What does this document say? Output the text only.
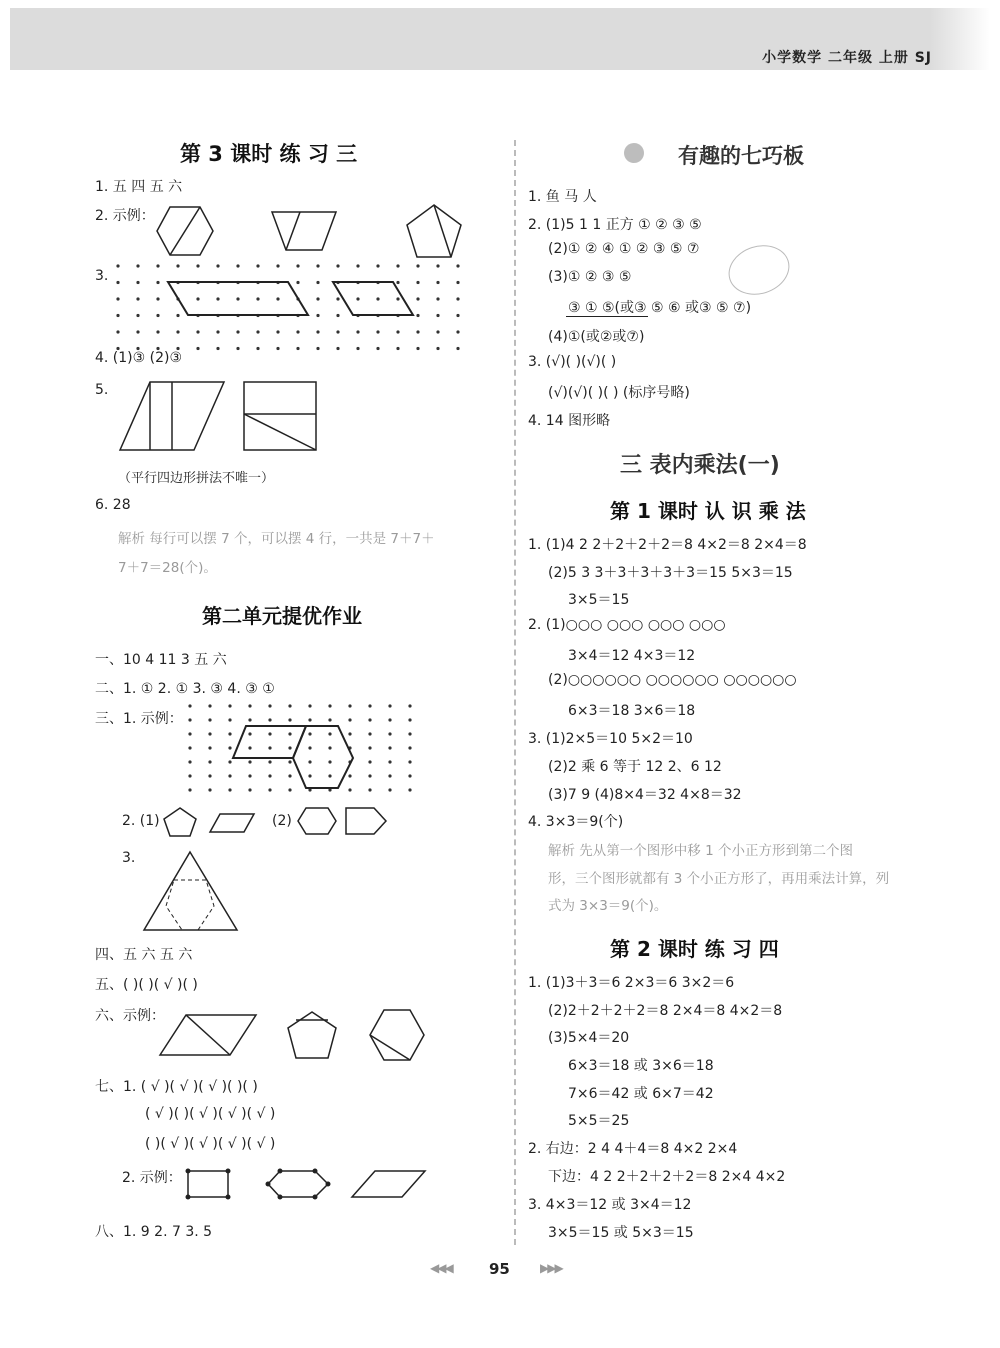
小学数学 二年级 上册 SJ
第 3 课时 练 习 三
1. 五 四 五 六
2. 示例：
3.
4. (1)③ (2)③
5.
（平行四边形拼法不唯一）
6. 28
解析 每行可以摆 7 个，可以摆 4 行，一共是 7＋7＋
7＋7＝28(个)。
第二单元提优作业
一、10 4 11 3 五 六
二、1. ① 2. ① 3. ③ 4. ③ ①
三、1. 示例：
2. (1)	(2)
3.
四、五 六 五 六
五、( )( )( √ )( )
六、示例：
七、1. ( √ )( √ )( √ )( )( )
( √ )( )( √ )( √ )( √ )
( )( √ )( √ )( √ )( √ )
2. 示例：
八、1. 9 2. 7 3. 5
有趣的七巧板
1. 鱼 马 人
2. (1)5 1 1 正方 ① ② ③ ⑤
(2)① ② ④ ① ② ③ ⑤ ⑦
(3)① ② ③ ⑤
③ ① ⑤(或③ ⑤ ⑥ 或③ ⑤ ⑦)
(4)①(或②或⑦)
3. (√)( )(√)( )
(√)(√)( )( ) (标序号略)
4. 14 图形略
三 表内乘法(一)
第 1 课时 认 识 乘 法
1. (1)4 2 2＋2＋2＋2＝8 4×2＝8 2×4＝8
(2)5 3 3＋3＋3＋3＋3＝15 5×3＝15
3×5＝15
2. (1)○○○ ○○○ ○○○ ○○○
3×4＝12 4×3＝12
(2)○○○○○○ ○○○○○○ ○○○○○○
6×3＝18 3×6＝18
3. (1)2×5＝10 5×2＝10
(2)2 乘 6 等于 12 2、6 12
(3)7 9 (4)8×4＝32 4×8＝32
4. 3×3＝9(个)
解析 先从第一个图形中移 1 个小正方形到第二个图
形，三个图形就都有 3 个小正方形了，再用乘法计算，列
式为 3×3＝9(个)。
第 2 课时 练 习 四
1. (1)3＋3＝6 2×3＝6 3×2＝6
(2)2＋2＋2＋2＝8 2×4＝8 4×2＝8
(3)5×4＝20
6×3＝18 或 3×6＝18
7×6＝42 或 6×7＝42
5×5＝25
2. 右边：2 4 4＋4＝8 4×2 2×4
下边：4 2 2＋2＋2＋2＝8 2×4 4×2
3. 4×3＝12 或 3×4＝12
3×5＝15 或 5×3＝15
◀◀◀ 95	▶▶▶
